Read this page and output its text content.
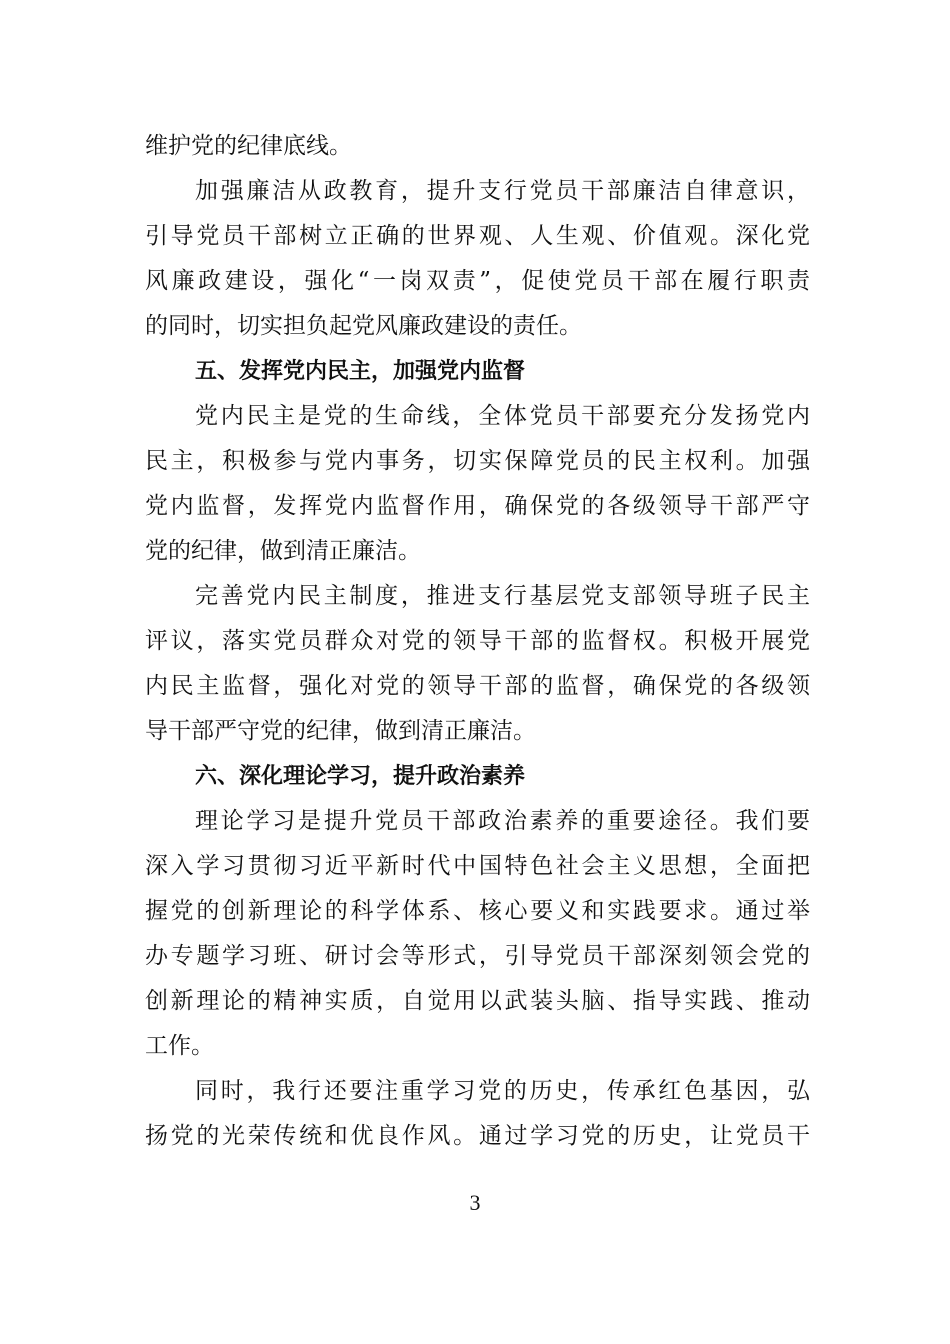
维护党的纪律底线。
加强廉洁从政教育，提升支行党员干部廉洁自律意识，
引导党员干部树立正确的世界观、人生观、价值观。深化党
风廉政建设，强化“一岗双责”，促使党员干部在履行职责
的同时，切实担负起党风廉政建设的责任。
五、发挥党内民主，加强党内监督
党内民主是党的生命线，全体党员干部要充分发扬党内
民主，积极参与党内事务，切实保障党员的民主权利。加强
党内监督，发挥党内监督作用，确保党的各级领导干部严守
党的纪律，做到清正廉洁。
完善党内民主制度，推进支行基层党支部领导班子民主
评议，落实党员群众对党的领导干部的监督权。积极开展党
内民主监督，强化对党的领导干部的监督，确保党的各级领
导干部严守党的纪律，做到清正廉洁。
六、深化理论学习，提升政治素养
理论学习是提升党员干部政治素养的重要途径。我们要
深入学习贯彻习近平新时代中国特色社会主义思想，全面把
握党的创新理论的科学体系、核心要义和实践要求。通过举
办专题学习班、研讨会等形式，引导党员干部深刻领会党的
创新理论的精神实质，自觉用以武装头脑、指导实践、推动
工作。
同时，我行还要注重学习党的历史，传承红色基因，弘
扬党的光荣传统和优良作风。通过学习党的历史，让党员干
3
